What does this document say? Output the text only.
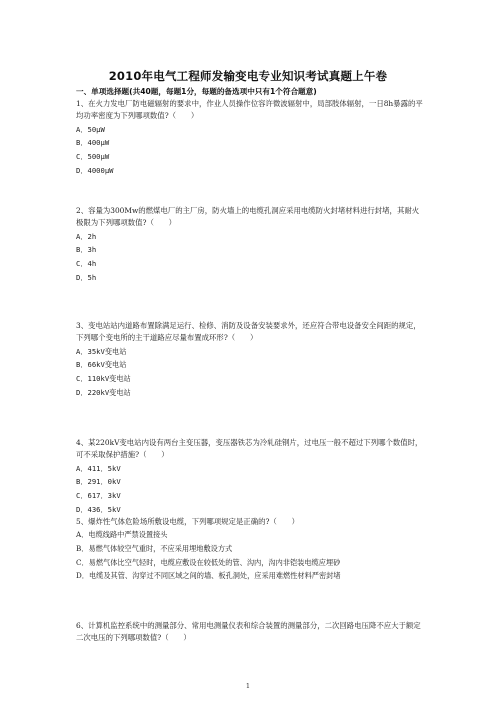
2010年电气工程师发输变电专业知识考试真题上午卷
一、单项选择题(共40题，每题1分，每题的备选项中只有1个符合题意)

1、在火力发电厂防电磁辐射的要求中，作业人员操作位容许微波辐射中，局部肢体辐射，一日8h暴露的平均功率密度为下列哪项数值?（　　）

A．50μW
B．400μW
C．500μW
D．4000μW

2、容量为300Mw的燃煤电厂的主厂房，防火墙上的电缆孔洞应采用电缆防火封堵材料进行封堵，其耐火极限为下列哪项数值?（　　）

A．2h
B．3h
C．4h
D．5h

3、变电站站内道路布置除满足运行、检修、消防及设备安装要求外，还应符合带电设备安全间距的规定，下列哪个变电所的主干道路应尽量布置成环形?（　　）

A．35kV变电站
B．66kV变电站
C．110kV变电站
D．220kV变电站

4、某220kV变电站内设有两台主变压器，变压器铁芯为冷轧硅钢片，过电压一般不超过下列哪个数值时，可不采取保护措施?（　　）

A．411．5kV
B．291．0kV
C．617．3kV
D．436．5kV

5、爆炸性气体危险场所敷设电缆，下列哪项规定是正确的?（　　）

A．电缆线路中严禁设置接头
B．易燃气体较空气重时，不应采用埋地敷设方式
C．易燃气体比空气轻时，电缆应敷设在较低处的管、沟内，沟内非铠装电缆应埋砂
D．电缆及其管、沟穿过不同区域之间的墙、板孔洞处，应采用难燃性材料严密封堵

6、计算机监控系统中的测量部分、常用电测量仪表和综合装置的测量部分，二次回路电压降不应大于额定二次电压的下列哪项数值?（　　）

1
